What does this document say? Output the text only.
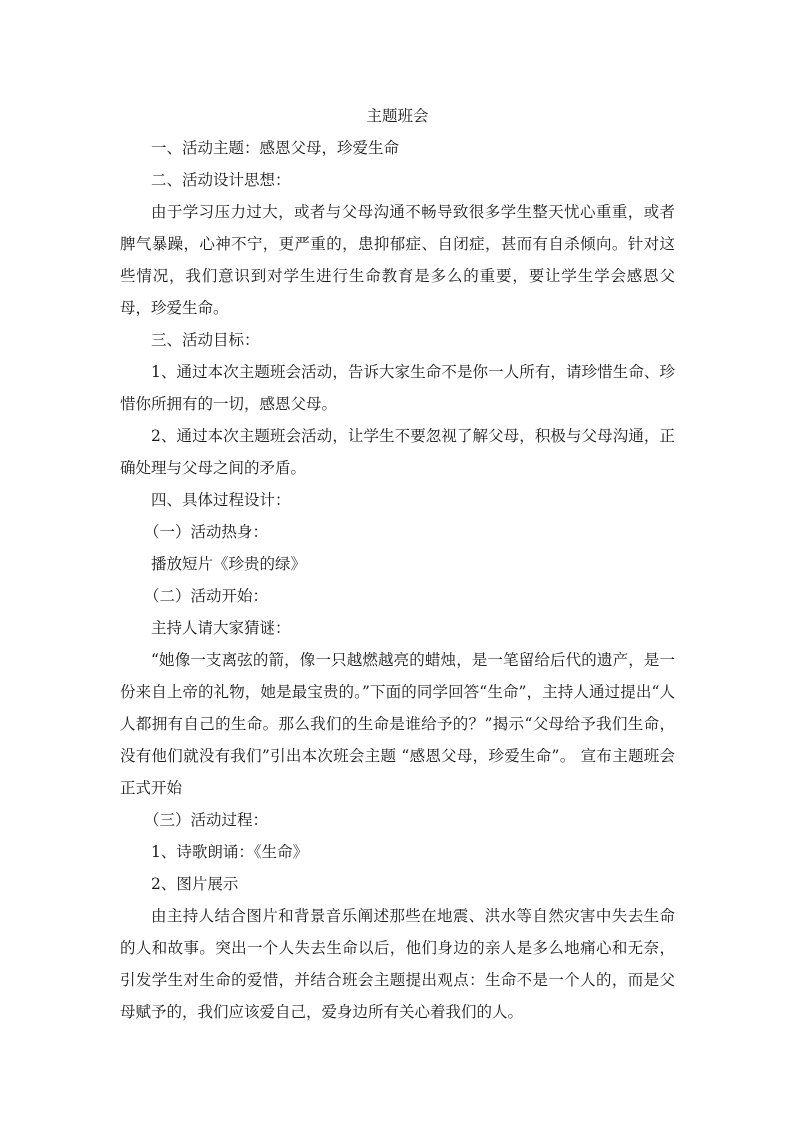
主题班会

一、活动主题：感恩父母，珍爱生命

二、活动设计思想：

由于学习压力过大，或者与父母沟通不畅导致很多学生整天忧心重重，或者脾气暴躁，心神不宁，更严重的，患抑郁症、自闭症，甚而有自杀倾向。针对这些情况，我们意识到对学生进行生命教育是多么的重要，要让学生学会感恩父母，珍爱生命。

三、活动目标：

1、通过本次主题班会活动，告诉大家生命不是你一人所有，请珍惜生命、珍惜你所拥有的一切，感恩父母。

2、通过本次主题班会活动，让学生不要忽视了解父母，积极与父母沟通，正确处理与父母之间的矛盾。

四、具体过程设计：

（一）活动热身：

播放短片《珍贵的绿》

（二）活动开始：

主持人请大家猜谜：

“她像一支离弦的箭，像一只越燃越亮的蜡烛，是一笔留给后代的遗产，是一份来自上帝的礼物，她是最宝贵的。”下面的同学回答“生命”，主持人通过提出“人人都拥有自己的生命。那么我们的生命是谁给予的？”揭示“父母给予我们生命，没有他们就没有我们”引出本次班会主题 “感恩父母，珍爱生命”。 宣布主题班会正式开始

（三）活动过程：

1、诗歌朗诵：《生命》

2、图片展示

由主持人结合图片和背景音乐阐述那些在地震、洪水等自然灾害中失去生命的人和故事。突出一个人失去生命以后，他们身边的亲人是多么地痛心和无奈，引发学生对生命的爱惜，并结合班会主题提出观点：生命不是一个人的，而是父母赋予的，我们应该爱自己，爱身边所有关心着我们的人。
